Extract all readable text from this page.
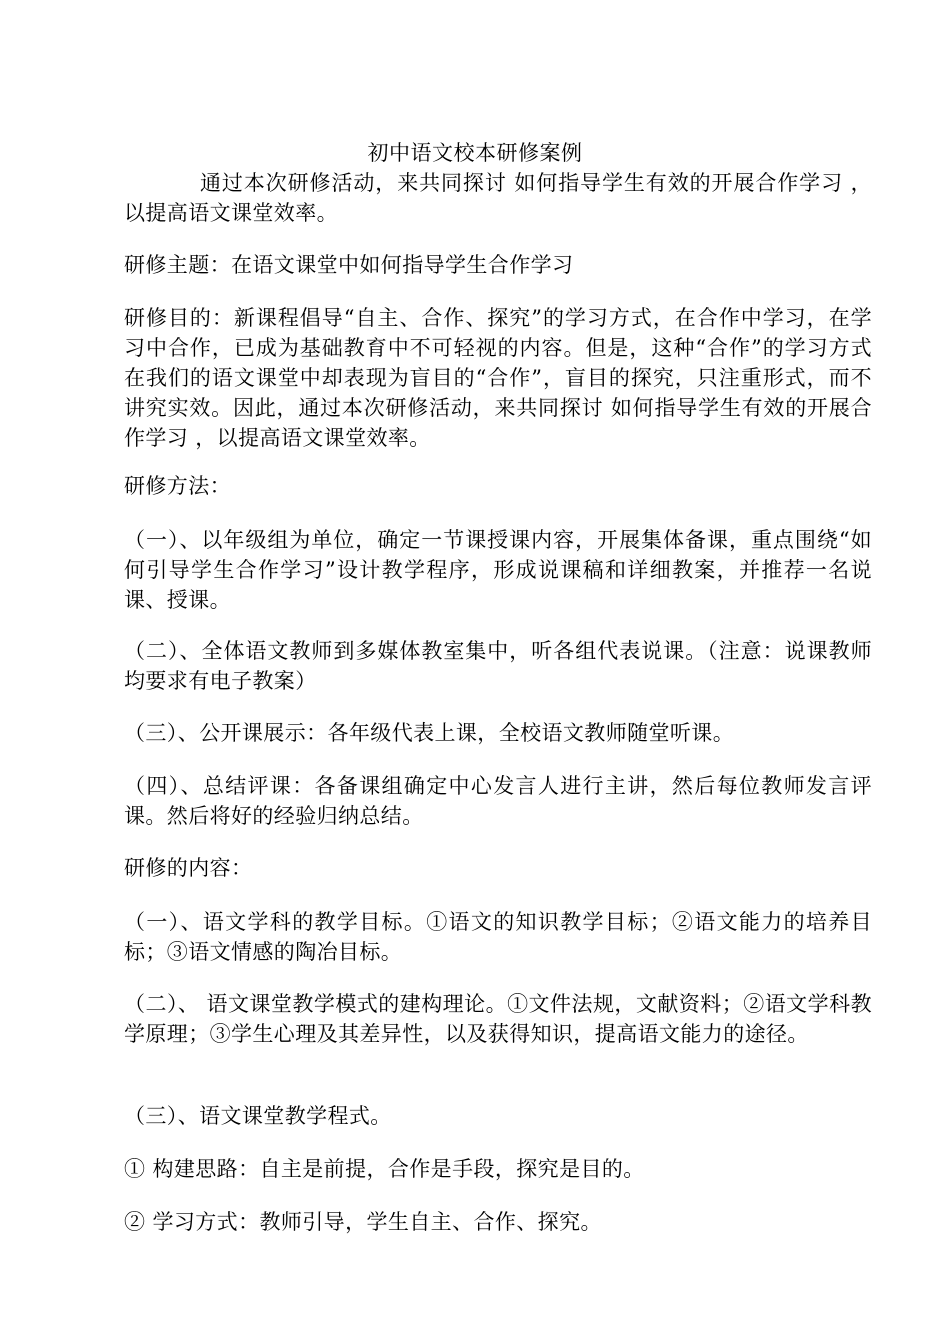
初中语文校本研修案例
通过本次研修活动，来共同探讨 如何指导学生有效的开展合作学习 ，以提高语文课堂效率。
研修主题：在语文课堂中如何指导学生合作学习
研修目的：新课程倡导“自主、合作、探究”的学习方式，在合作中学习，在学习中合作，已成为基础教育中不可轻视的内容。但是，这种“合作”的学习方式在我们的语文课堂中却表现为盲目的“合作”，盲目的探究，只注重形式，而不讲究实效。因此，通过本次研修活动，来共同探讨 如何指导学生有效的开展合作学习 ，以提高语文课堂效率。
研修方法：
（一）、以年级组为单位，确定一节课授课内容，开展集体备课，重点围绕“如何引导学生合作学习”设计教学程序，形成说课稿和详细教案，并推荐一名说课、授课。
（二）、全体语文教师到多媒体教室集中，听各组代表说课。（注意：说课教师均要求有电子教案）
（三）、公开课展示：各年级代表上课，全校语文教师随堂听课。
（四）、总结评课：各备课组确定中心发言人进行主讲，然后每位教师发言评课。然后将好的经验归纳总结。
研修的内容：
（一）、语文学科的教学目标。①语文的知识教学目标；②语文能力的培养目标；③语文情感的陶冶目标。
（二）、 语文课堂教学模式的建构理论。①文件法规，文献资料；②语文学科教学原理；③学生心理及其差异性，以及获得知识，提高语文能力的途径。
（三）、语文课堂教学程式。
① 构建思路：自主是前提，合作是手段，探究是目的。
② 学习方式：教师引导，学生自主、合作、探究。
